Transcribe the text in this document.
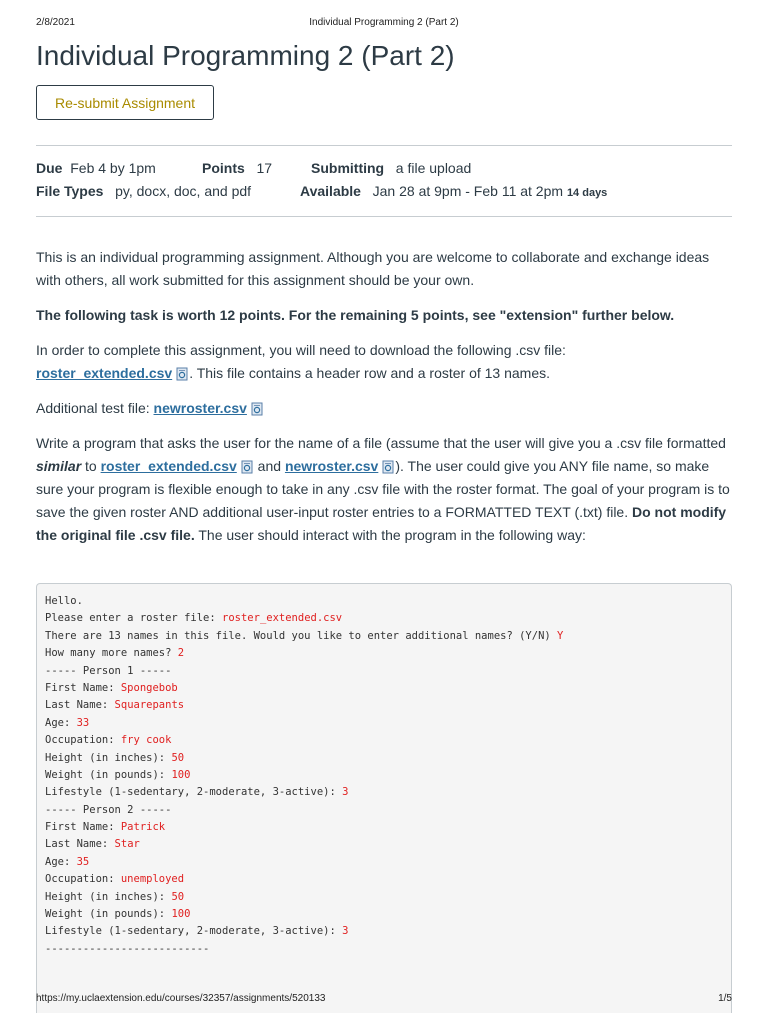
2/8/2021	Individual Programming 2 (Part 2)
Individual Programming 2 (Part 2)
Re-submit Assignment
Due Feb 4 by 1pm	Points 17	Submitting a file upload
File Types py, docx, doc, and pdf	Available Jan 28 at 9pm - Feb 11 at 2pm 14 days

This is an individual programming assignment. Although you are welcome to collaborate and exchange ideas with others, all work submitted for this assignment should be your own.

The following task is worth 12 points. For the remaining 5 points, see "extension" further below.

In order to complete this assignment, you will need to download the following .csv file:
roster_extended.csv . This file contains a header row and a roster of 13 names.

Additional test file: newroster.csv

Write a program that asks the user for the name of a file (assume that the user will give you a .csv file formatted similar to roster_extended.csv and newroster.csv ). The user could give you ANY file name, so make sure your program is flexible enough to take in any .csv file with the roster format. The goal of your program is to save the given roster AND additional user-input roster entries to a FORMATTED TEXT (.txt) file. Do not modify the original file .csv file. The user should interact with the program in the following way:

Hello.
Please enter a roster file: roster_extended.csv
There are 13 names in this file. Would you like to enter additional names? (Y/N) Y
How many more names? 2
----- Person 1 -----
First Name: Spongebob
Last Name: Squarepants
Age: 33
Occupation: fry cook
Height (in inches): 50
Weight (in pounds): 100
Lifestyle (1-sedentary, 2-moderate, 3-active): 3
----- Person 2 -----
First Name: Patrick
Last Name: Star
Age: 35
Occupation: unemployed
Height (in inches): 50
Weight (in pounds): 100
Lifestyle (1-sedentary, 2-moderate, 3-active): 3
--------------------------
https://my.uclaextension.edu/courses/32357/assignments/520133	1/5
